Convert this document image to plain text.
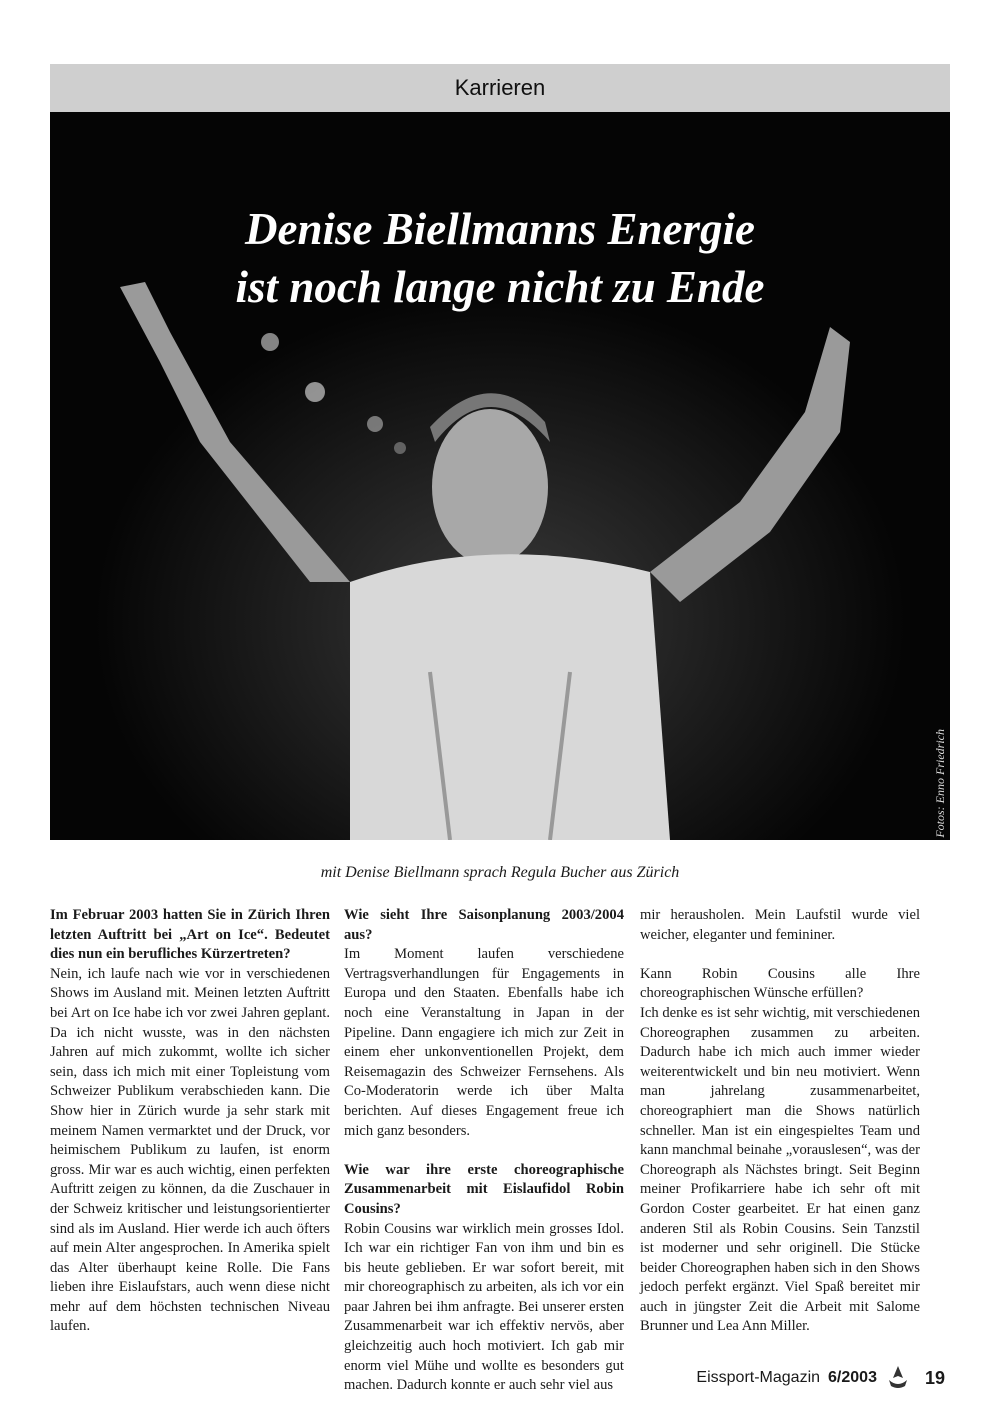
Karrieren
Denise Biellmanns Energie
ist noch lange nicht zu Ende
Fotos: Enno Friedrich
mit Denise Biellmann sprach Regula Bucher aus Zürich

Im Februar 2003 hatten Sie in Zürich Ihren letzten Auftritt bei „Art on Ice“. Bedeutet dies nun ein berufliches Kürzertreten?

Nein, ich laufe nach wie vor in verschiedenen Shows im Ausland mit. Meinen letzten Auftritt bei Art on Ice habe ich vor zwei Jahren geplant. Da ich nicht wusste, was in den nächsten Jahren auf mich zukommt, wollte ich sicher sein, dass ich mich mit einer Topleistung vom Schweizer Publikum verabschieden kann. Die Show hier in Zürich wurde ja sehr stark mit meinem Namen vermarktet und der Druck, vor heimischem Publikum zu laufen, ist enorm gross. Mir war es auch wichtig, einen perfekten Auftritt zeigen zu können, da die Zuschauer in der Schweiz kritischer und leistungsorientierter sind als im Ausland. Hier werde ich auch öfters auf mein Alter angesprochen. In Amerika spielt das Alter überhaupt keine Rolle. Die Fans lieben ihre Eislaufstars, auch wenn diese nicht mehr auf dem höchsten technischen Niveau laufen.

Wie sieht Ihre Saisonplanung 2003/2004 aus?

Im Moment laufen verschiedene Vertragsverhandlungen für Engagements in Europa und den Staaten. Ebenfalls habe ich noch eine Veranstaltung in Japan in der Pipeline. Dann engagiere ich mich zur Zeit in einem eher unkonventionellen Projekt, dem Reisemagazin des Schweizer Fernsehens. Als Co-Moderatorin werde ich über Malta berichten. Auf dieses Engagement freue ich mich ganz besonders.

Wie war ihre erste choreographische Zusammenarbeit mit Eislaufidol Robin Cousins?

Robin Cousins war wirklich mein grosses Idol. Ich war ein richtiger Fan von ihm und bin es bis heute geblieben. Er war sofort bereit, mit mir choreographisch zu arbeiten, als ich vor ein paar Jahren bei ihm anfragte. Bei unserer ersten Zusammenarbeit war ich effektiv nervös, aber gleichzeitig auch hoch motiviert. Ich gab mir enorm viel Mühe und wollte es besonders gut machen. Dadurch konnte er auch sehr viel aus

mir herausholen. Mein Laufstil wurde viel weicher, eleganter und femininer.

Kann Robin Cousins alle Ihre choreographischen Wünsche erfüllen?

Ich denke es ist sehr wichtig, mit verschiedenen Choreographen zusammen zu arbeiten. Dadurch habe ich mich auch immer wieder weiterentwickelt und bin neu motiviert. Wenn man jahrelang zusammenarbeitet, choreographiert man die Shows natürlich schneller. Man ist ein eingespieltes Team und kann manchmal beinahe „vorauslesen“, was der Choreograph als Nächstes bringt. Seit Beginn meiner Profikarriere habe ich sehr oft mit Gordon Coster gearbeitet. Er hat einen ganz anderen Stil als Robin Cousins. Sein Tanzstil ist moderner und sehr originell. Die Stücke beider Choreographen haben sich in den Shows jedoch perfekt ergänzt. Viel Spaß bereitet mir auch in jüngster Zeit die Arbeit mit Salome Brunner und Lea Ann Miller.

Eissport-Magazin 6/2003	19
